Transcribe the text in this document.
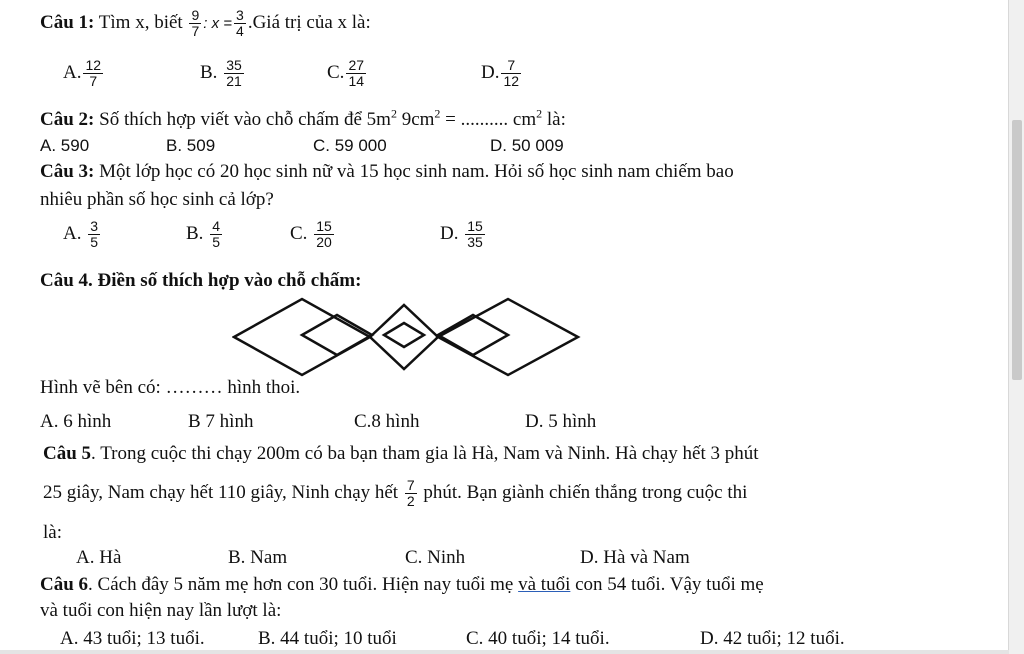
Câu 1: Tìm x, biết $\frac{9}{7}$ : $x = \frac{3}{4}$ .Giá trị của x là:
A. $\frac{12}{7}$	B. $\frac{35}{21}$	C. $\frac{27}{14}$	D. $\frac{7}{12}$
Câu 2: Số thích hợp viết vào chỗ chấm để $5m^2$ $9cm^2$ = .......... $cm^2$ là:
A. 590	B. 509	C. 59 000	D. 50 009
Câu 3: Một lớp học có 20 học sinh nữ và 15 học sinh nam. Hỏi số học sinh nam chiếm bao
nhiêu phần số học sinh cả lớp?
A. $\frac{3}{5}$	B. $\frac{4}{5}$	C. $\frac{15}{20}$	D. $\frac{15}{35}$
Câu 4. Điền số thích hợp vào chỗ chấm:
Hình vẽ bên có: ……… hình thoi.
A. 6 hình	B 7 hình	C.8 hình	D. 5 hình
Câu 5. Trong cuộc thi chạy 200m có ba bạn tham gia là Hà, Nam và Ninh. Hà chạy hết 3 phút
25 giây, Nam chạy hết 110 giây, Ninh chạy hết $\frac{7}{2}$ phút. Bạn giành chiến thắng trong cuộc thi
là:
A. Hà	B. Nam	C. Ninh	D. Hà và Nam
Câu 6. Cách đây 5 năm mẹ hơn con 30 tuổi. Hiện nay tuổi mẹ và tuổi con 54 tuổi. Vậy tuổi mẹ
và tuổi con hiện nay lần lượt là:
A. 43 tuổi; 13 tuổi.	B. 44 tuổi; 10 tuổi	C. 40 tuổi; 14 tuổi.	D. 42 tuổi; 12 tuổi.
